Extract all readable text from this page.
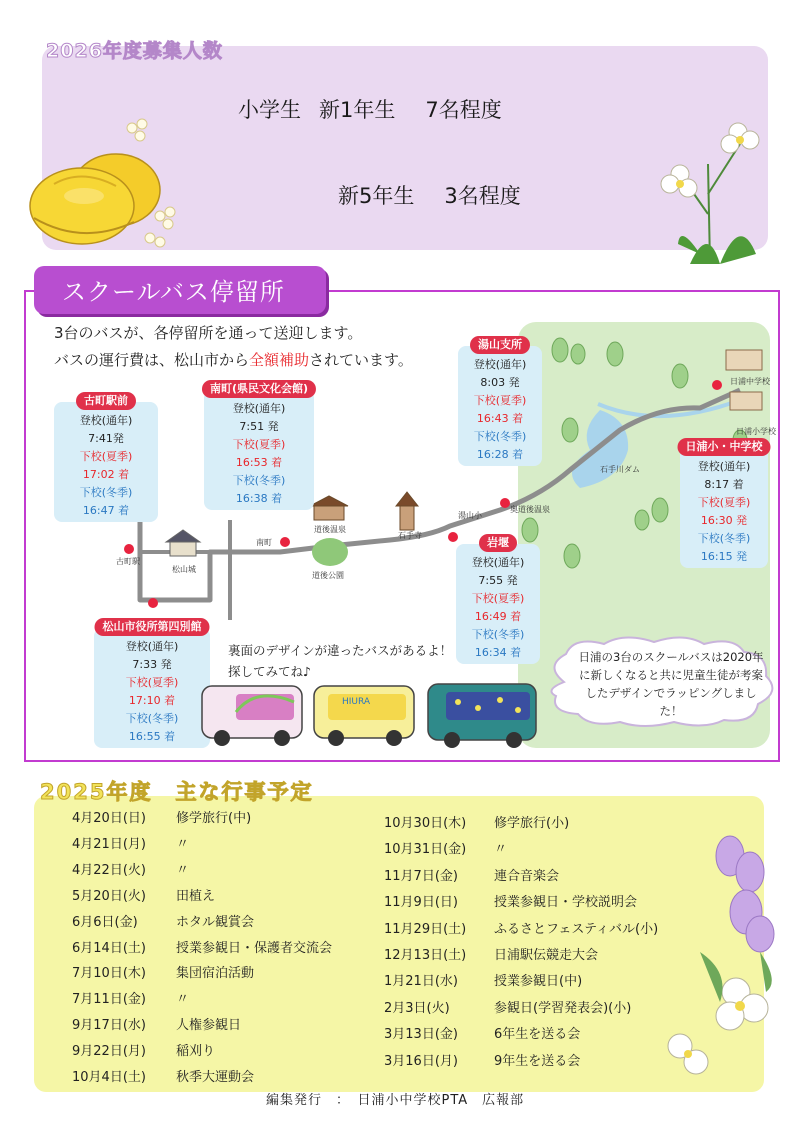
2026年度募集人数
小学生 新1年生 7名程度
新5年生 3名程度
スクールバス停留所
3台のバスが、各停留所を通って送迎します。
バスの運行費は、松山市から全額補助されています。
古町駅
松山城
南町
道後温泉
道後公園
石手寺
湯山小
奥道後温泉
石手川ダム
日浦中学校
日浦小学校
古町駅前
登校(通年)
7:41発
下校(夏季)
17:02 着
下校(冬季)
16:47 着
南町(県民文化会館)
登校(通年)
7:51 発
下校(夏季)
16:53 着
下校(冬季)
16:38 着
湯山支所
登校(通年)
8:03 発
下校(夏季)
16:43 着
下校(冬季)
16:28 着
日浦小・中学校
登校(通年)
8:17 着
下校(夏季)
16:30 発
下校(冬季)
16:15 発
岩堰
登校(通年)
7:55 発
下校(夏季)
16:49 着
下校(冬季)
16:34 着
松山市役所第四別館
登校(通年)
7:33 発
下校(夏季)
17:10 着
下校(冬季)
16:55 着
裏面のデザインが違ったバスがあるよ！
探してみてね♪
HIURA
日浦の3台のスクールバスは2020年に新しくなると共に児童生徒が考案したデザインでラッピングしました！
2025年度　主な行事予定
4月20日(日) 修学旅行(中)
4月21日(月) 〃
4月22日(火) 〃
5月20日(火) 田植え
6月6日(金)	ホタル観賞会
6月14日(土) 授業参観日・保護者交流会
7月10日(木) 集団宿泊活動
7月11日(金) 〃
9月17日(水) 人権参観日
9月22日(月) 稲刈り
10月4日(土) 秋季大運動会
10月30日(木) 修学旅行(小)
10月31日(金) 〃
11月7日(金)	連合音楽会
11月9日(日)	授業参観日・学校説明会
11月29日(土) ふるさとフェスティバル(小)
12月13日(土) 日浦駅伝競走大会
1月21日(水)	授業参観日(中)
2月3日(火)	参観日(学習発表会)(小)
3月13日(金)	6年生を送る会
3月16日(月)	9年生を送る会
編集発行　：　日浦小中学校PTA　広報部
